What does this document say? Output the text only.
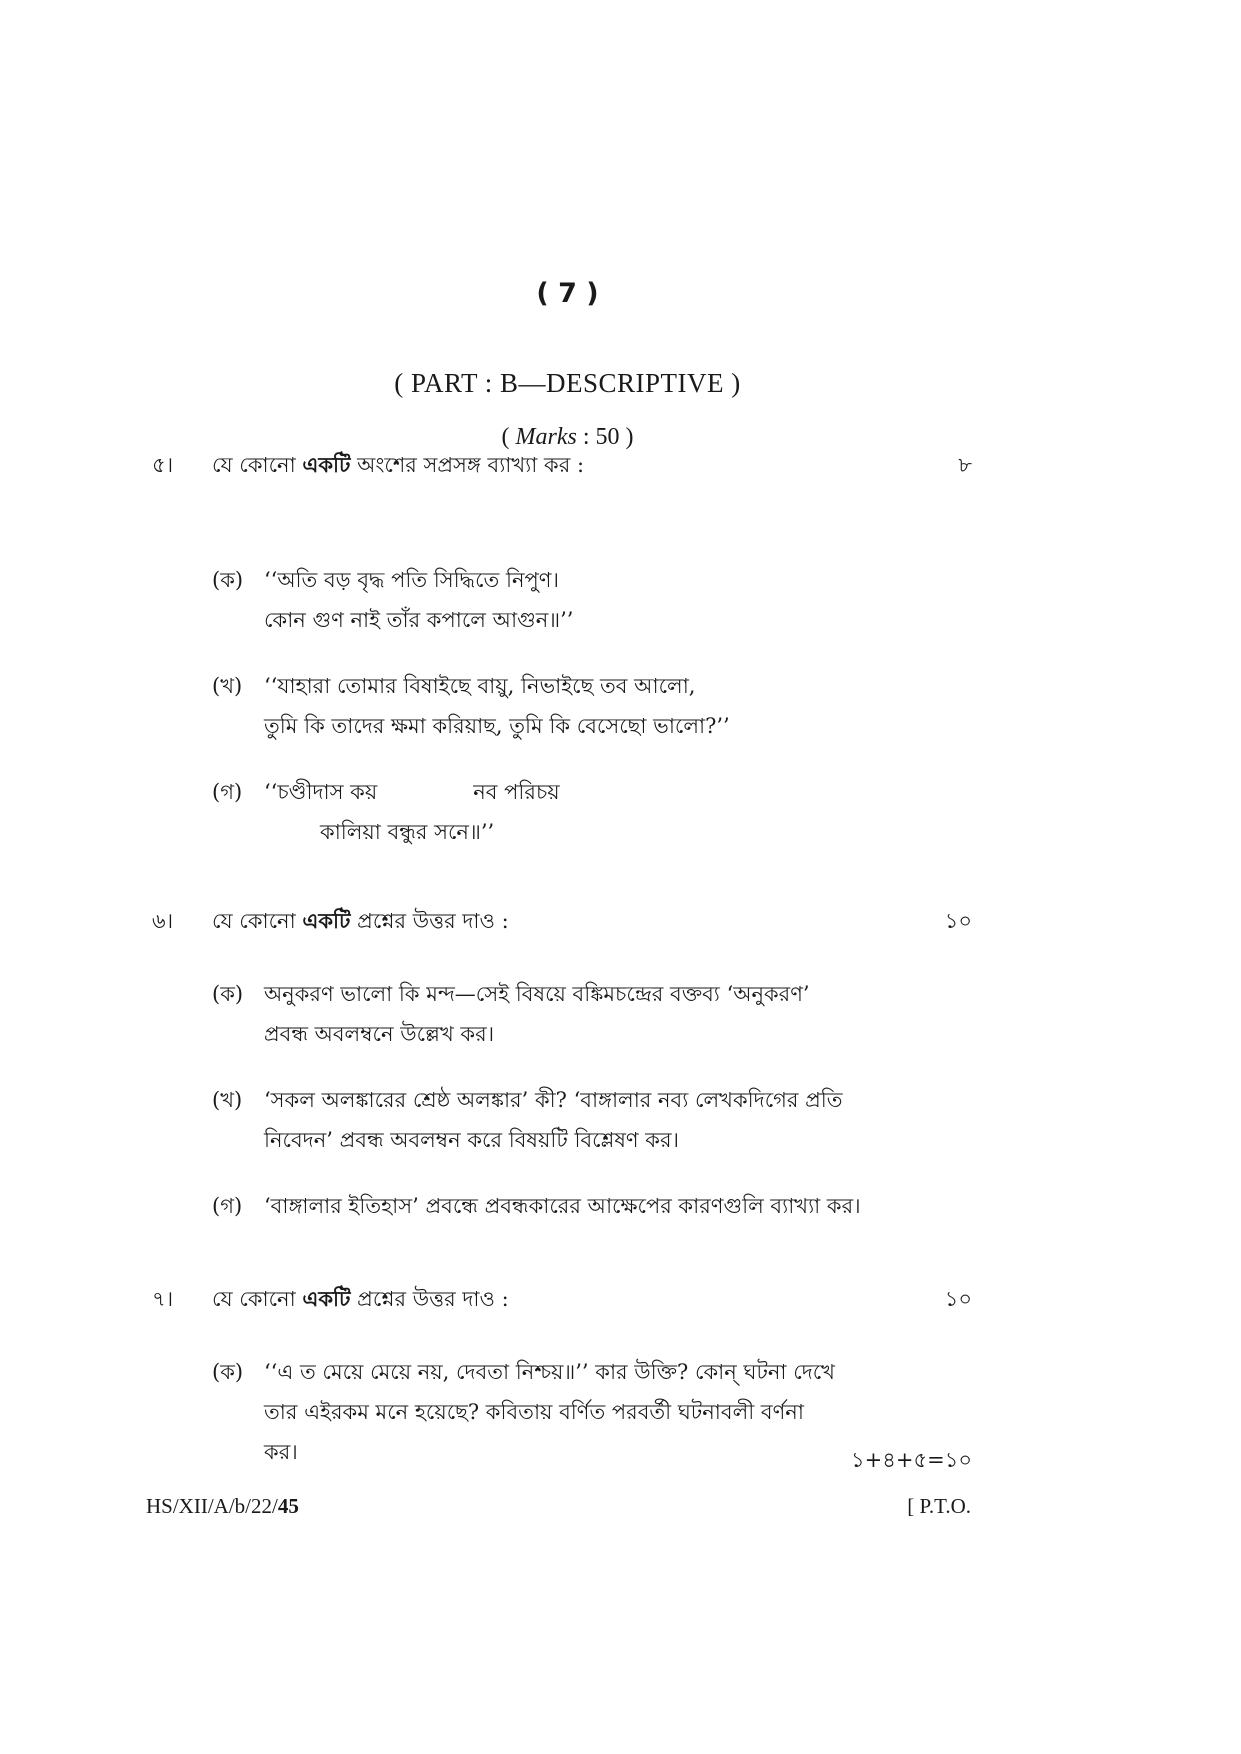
( 7 )
( PART : B—DESCRIPTIVE )
( Marks : 50 )
৫। যে কোনো একটি অংশের সপ্রসঙ্গ ব্যাখ্যা কর :	৮
(ক) ‘‘অতি বড় বৃদ্ধ পতি সিদ্ধিতে নিপুণ।
কোন গুণ নাই তাঁর কপালে আগুন॥’’
(খ) ‘‘যাহারা তোমার বিষাইছে বায়ু, নিভাইছে তব আলো,
তুমি কি তাদের ক্ষমা করিয়াছ, তুমি কি বেসেছো ভালো?’’
(গ) ‘‘চণ্ডীদাস কয়	নব পরিচয়
কালিয়া বন্ধুর সনে॥’’
৬। যে কোনো একটি প্রশ্নের উত্তর দাও :	১০
(ক) অনুকরণ ভালো কি মন্দ—সেই বিষয়ে বঙ্কিমচন্দ্রের বক্তব্য ‘অনুকরণ’
প্রবন্ধ অবলম্বনে উল্লেখ কর।
(খ) ‘সকল অলঙ্কারের শ্রেষ্ঠ অলঙ্কার’ কী? ‘বাঙ্গালার নব্য লেখকদিগের প্রতি
নিবেদন’ প্রবন্ধ অবলম্বন করে বিষয়টি বিশ্লেষণ কর।
(গ) ‘বাঙ্গালার ইতিহাস’ প্রবন্ধে প্রবন্ধকারের আক্ষেপের কারণগুলি ব্যাখ্যা কর।
৭। যে কোনো একটি প্রশ্নের উত্তর দাও :	১০
(ক) ‘‘এ ত মেয়ে মেয়ে নয়, দেবতা নিশ্চয়॥’’ কার উক্তি? কোন্ ঘটনা দেখে
তার এইরকম মনে হয়েছে? কবিতায় বর্ণিত পরবর্তী ঘটনাবলী বর্ণনা
কর।	১+৪+৫=১০
HS/XII/A/b/22/45	[ P.T.O.
